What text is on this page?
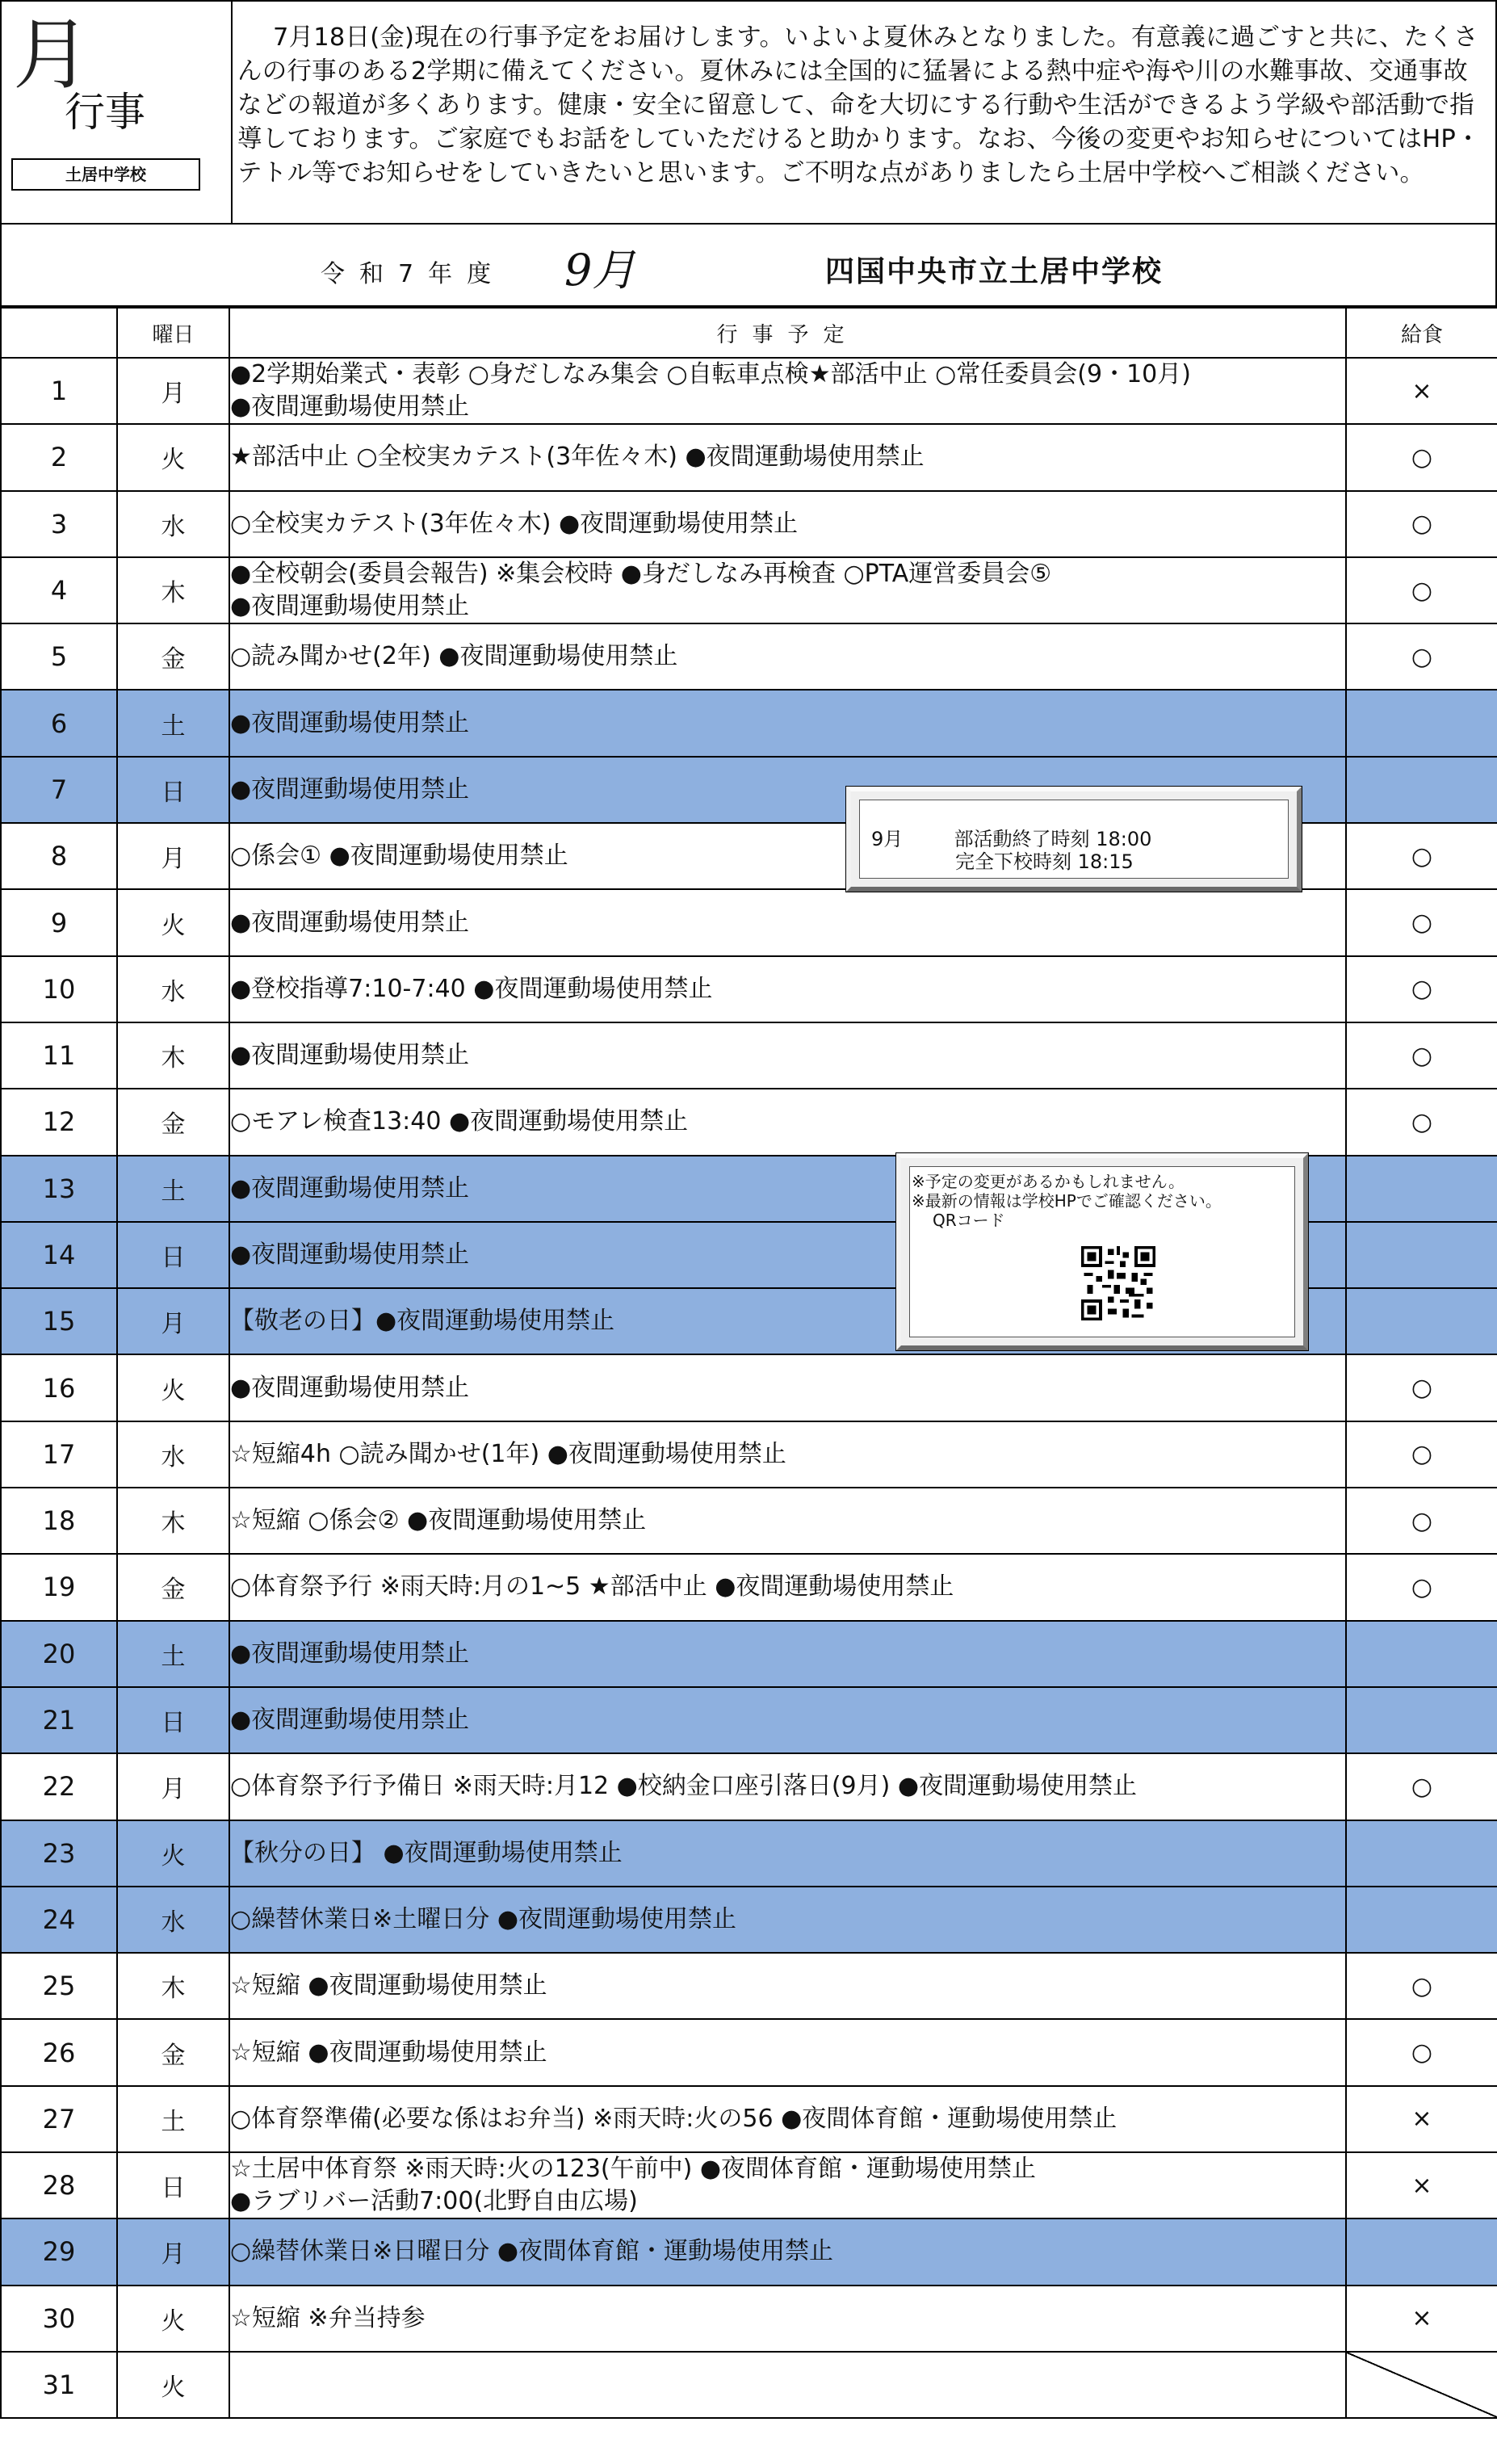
月
行事
土居中学校
7月18日(金)現在の行事予定をお届けします。いよいよ夏休みとなりました。有意義に過ごすと共に、たくさんの行事のある2学期に備えてください。夏休みには全国的に猛暑による熱中症や海や川の水難事故、交通事故などの報道が多くあります。健康・安全に留意して、命を大切にする行動や生活ができるよう学級や部活動で指導しております。ご家庭でもお話をしていただけると助かります。なお、今後の変更やお知らせについてはHP・テトル等でお知らせをしていきたいと思います。ご不明な点がありましたら土居中学校へご相談ください。
令和7年度 9月	四国中央市立土居中学校
	曜日	行事予定	給食
1	月	●2学期始業式・表彰 ○身だしなみ集会 ○自転車点検★部活中止 ○常任委員会(9・10月)
●夜間運動場使用禁止	×
2	火	★部活中止 ○全校実カテスト(3年佐々木) ●夜間運動場使用禁止	○
3	水	○全校実カテスト(3年佐々木) ●夜間運動場使用禁止	○
4	木	●全校朝会(委員会報告) ※集会校時 ●身だしなみ再検査 ○PTA運営委員会⑤
●夜間運動場使用禁止	○
5	金	○読み聞かせ(2年) ●夜間運動場使用禁止	○
6	土	●夜間運動場使用禁止	

7	日	●夜間運動場使用禁止	

8	月	○係会① ●夜間運動場使用禁止	○
9	火	●夜間運動場使用禁止	○
10	水	●登校指導7:10-7:40 ●夜間運動場使用禁止	○
11	木	●夜間運動場使用禁止	○
12	金	○モアレ検査13:40 ●夜間運動場使用禁止	○
13	土	●夜間運動場使用禁止	

14	日	●夜間運動場使用禁止	

15	月	【敬老の日】●夜間運動場使用禁止	

16	火	●夜間運動場使用禁止	○
17	水	☆短縮4h ○読み聞かせ(1年) ●夜間運動場使用禁止	○
18	木	☆短縮 ○係会② ●夜間運動場使用禁止	○
19	金	○体育祭予行 ※雨天時:月の1~5 ★部活中止 ●夜間運動場使用禁止	○
20	土	●夜間運動場使用禁止	

21	日	●夜間運動場使用禁止	

22	月	○体育祭予行予備日 ※雨天時:月12 ●校納金口座引落日(9月) ●夜間運動場使用禁止	○
23	火	【秋分の日】 ●夜間運動場使用禁止	

24	水	○繰替休業日※土曜日分 ●夜間運動場使用禁止	

25	木	☆短縮 ●夜間運動場使用禁止	○
26	金	☆短縮 ●夜間運動場使用禁止	○
27	土	○体育祭準備(必要な係はお弁当) ※雨天時:火の56 ●夜間体育館・運動場使用禁止	×
28	日	☆土居中体育祭 ※雨天時:火の123(午前中) ●夜間体育館・運動場使用禁止
●ラブリバー活動7:00(北野自由広場)	×
29	月	○繰替休業日※日曜日分 ●夜間体育館・運動場使用禁止	

30	火	☆短縮 ※弁当持参	×
31	火	

9月	部活動終了時刻 18:00
完全下校時刻 18:15
※予定の変更があるかもしれません。
※最新の情報は学校HPでご確認ください。
QRコード
